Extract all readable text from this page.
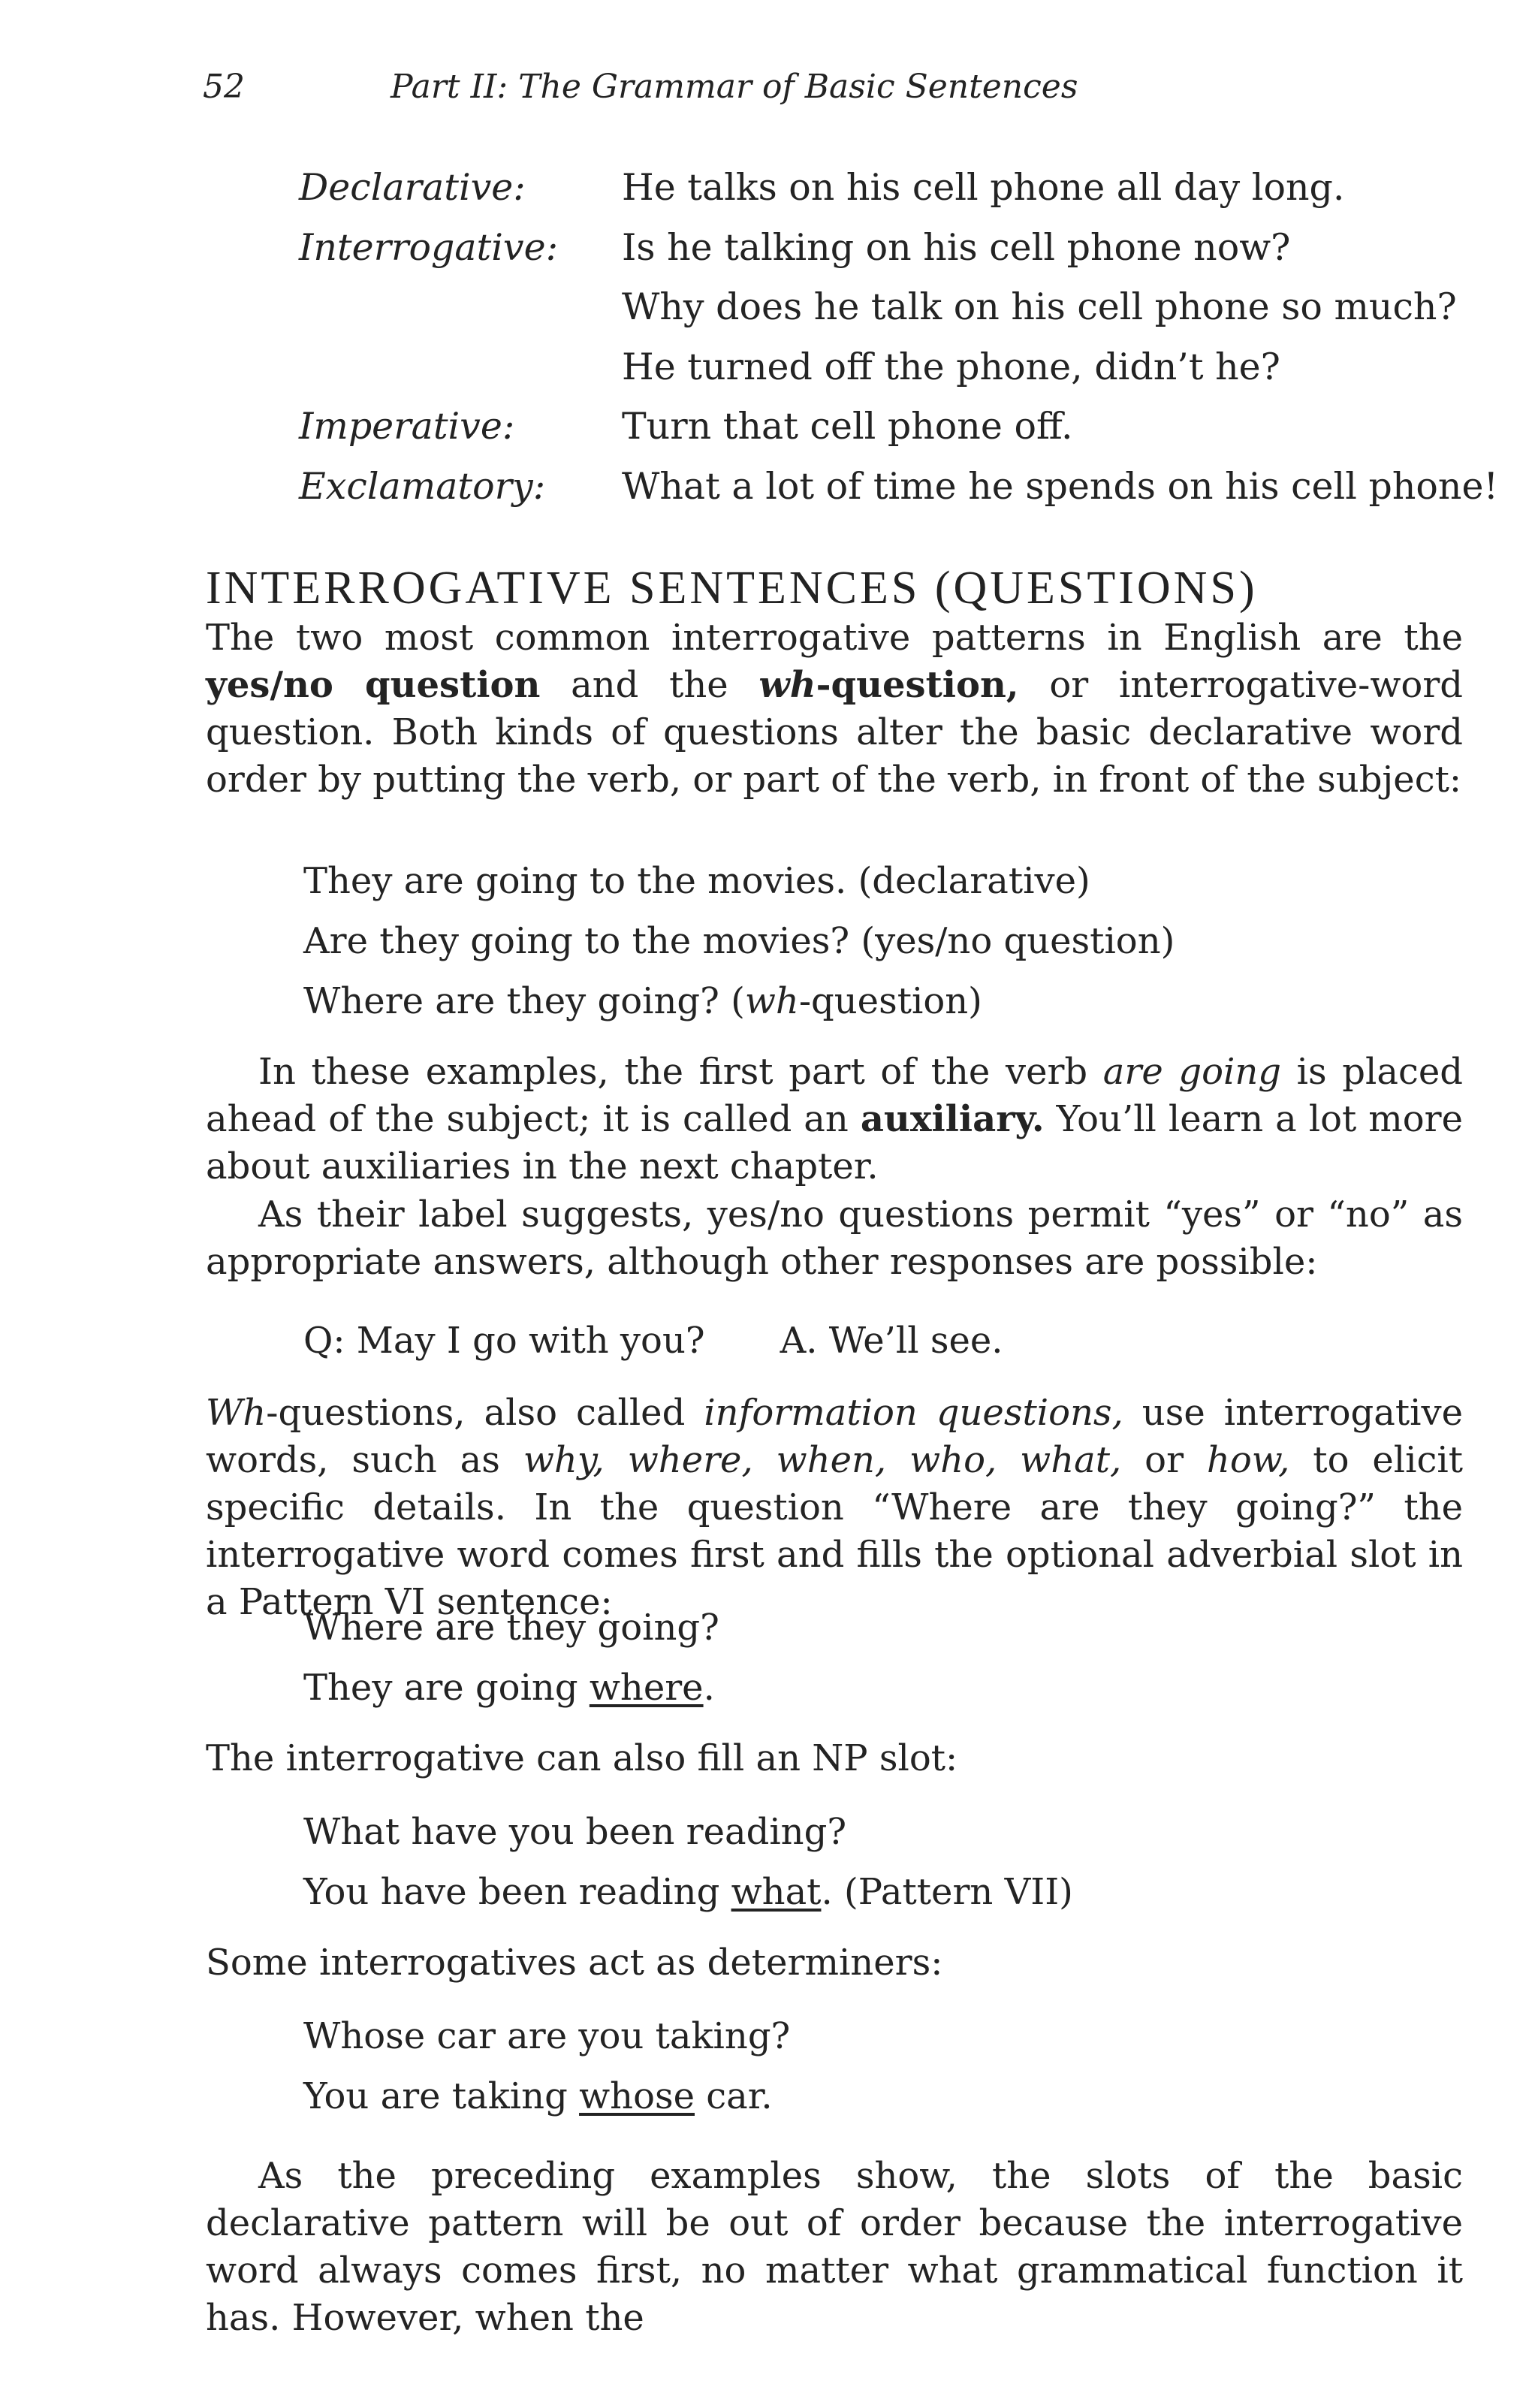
52	Part II: The Grammar of Basic Sentences
Declarative:	He talks on his cell phone all day long.
Interrogative: Is he talking on his cell phone now?
Why does he talk on his cell phone so much?
He turned off the phone, didn’t he?
Imperative:	Turn that cell phone off.
Exclamatory: What a lot of time he spends on his cell phone!
INTERROGATIVE SENTENCES (QUESTIONS)

The two most common interrogative patterns in English are the yes/no question and the wh-question, or interrogative-word question. Both kinds of questions alter the basic declarative word order by putting the verb, or part of the verb, in front of the subject:

They are going to the movies. (declarative)
Are they going to the movies? (yes/no question)
Where are they going? (wh-question)

In these examples, the first part of the verb are going is placed ahead of the subject; it is called an auxiliary. You’ll learn a lot more about auxiliaries in the next chapter.

As their label suggests, yes/no questions permit “yes” or “no” as appropriate answers, although other responses are possible:

Q: May I go with you? A. We’ll see.

Wh-questions, also called information questions, use interrogative words, such as why, where, when, who, what, or how, to elicit specific details. In the question “Where are they going?” the interrogative word comes first and fills the optional adverbial slot in a Pattern VI sentence:

Where are they going?
They are going where.

The interrogative can also fill an NP slot:

What have you been reading?
You have been reading what. (Pattern VII)

Some interrogatives act as determiners:

Whose car are you taking?
You are taking whose car.

As the preceding examples show, the slots of the basic declarative pattern will be out of order because the interrogative word always comes first, no matter what grammatical function it has. However, when the
